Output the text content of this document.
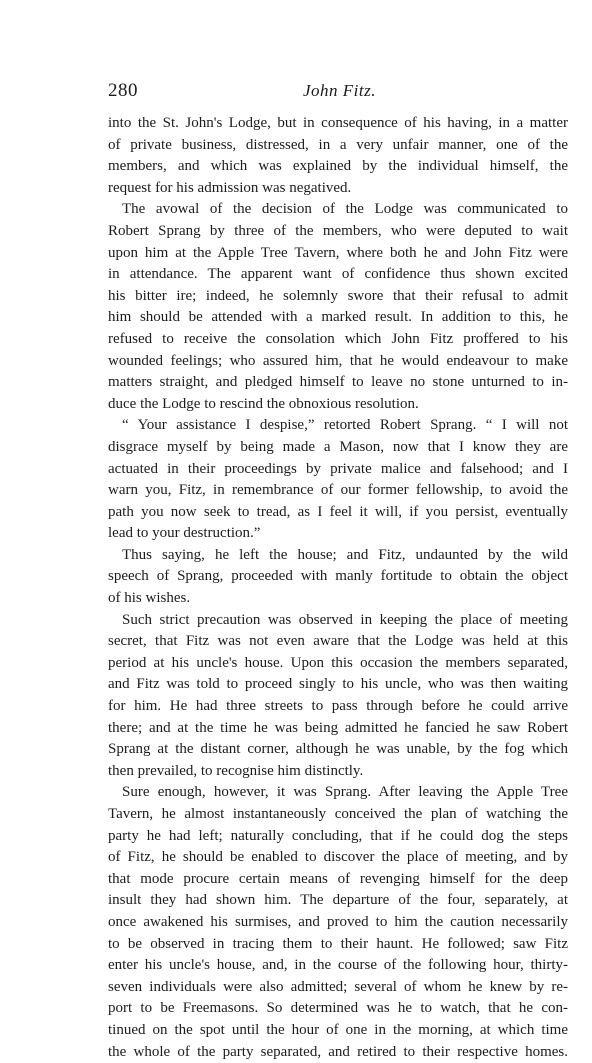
280	John Fitz.
into the St. John's Lodge, but in consequence of his having, in a matter
of private business, distressed, in a very unfair manner, one of the
members, and which was explained by the individual himself, the
request for his admission was negatived.
The avowal of the decision of the Lodge was communicated to
Robert Sprang by three of the members, who were deputed to wait
upon him at the Apple Tree Tavern, where both he and John Fitz were
in attendance. The apparent want of confidence thus shown excited
his bitter ire; indeed, he solemnly swore that their refusal to admit
him should be attended with a marked result. In addition to this, he
refused to receive the consolation which John Fitz proffered to his
wounded feelings; who assured him, that he would endeavour to make
matters straight, and pledged himself to leave no stone unturned to in-
duce the Lodge to rescind the obnoxious resolution.
“ Your assistance I despise,” retorted Robert Sprang. “ I will not
disgrace myself by being made a Mason, now that I know they are
actuated in their proceedings by private malice and falsehood; and I
warn you, Fitz, in remembrance of our former fellowship, to avoid the
path you now seek to tread, as I feel it will, if you persist, eventually
lead to your destruction.”
Thus saying, he left the house; and Fitz, undaunted by the wild
speech of Sprang, proceeded with manly fortitude to obtain the object
of his wishes.
Such strict precaution was observed in keeping the place of meeting
secret, that Fitz was not even aware that the Lodge was held at this
period at his uncle's house. Upon this occasion the members separated,
and Fitz was told to proceed singly to his uncle, who was then waiting
for him. He had three streets to pass through before he could arrive
there; and at the time he was being admitted he fancied he saw Robert
Sprang at the distant corner, although he was unable, by the fog which
then prevailed, to recognise him distinctly.
Sure enough, however, it was Sprang. After leaving the Apple Tree
Tavern, he almost instantaneously conceived the plan of watching the
party he had left; naturally concluding, that if he could dog the steps
of Fitz, he should be enabled to discover the place of meeting, and by
that mode procure certain means of revenging himself for the deep
insult they had shown him. The departure of the four, separately, at
once awakened his surmises, and proved to him the caution necessarily
to be observed in tracing them to their haunt. He followed; saw Fitz
enter his uncle's house, and, in the course of the following hour, thirty-
seven individuals were also admitted; several of whom he knew by re-
port to be Freemasons. So determined was he to watch, that he con-
tinued on the spot until the hour of one in the morning, at which time
the whole of the party separated, and retired to their respective homes.
